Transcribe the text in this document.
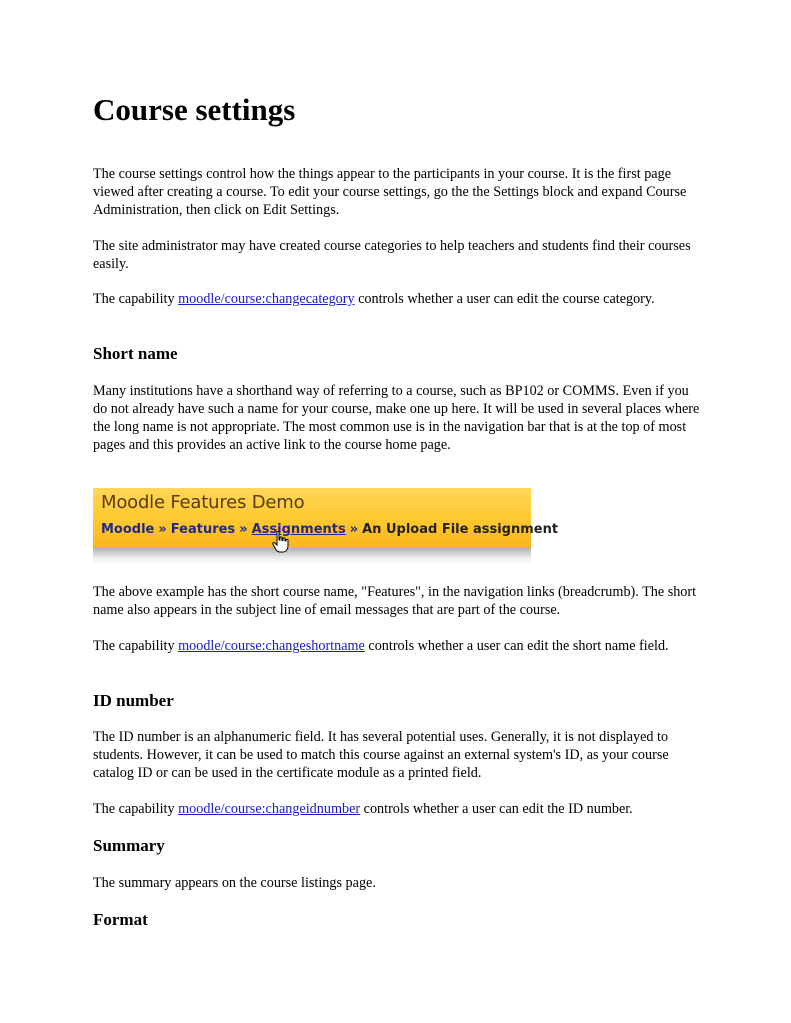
Course settings

The course settings control how the things appear to the participants in your course. It is the first page viewed after creating a course. To edit your course settings, go the the Settings block and expand Course Administration, then click on Edit Settings.

The site administrator may have created course categories to help teachers and students find their courses easily.

The capability moodle/course:changecategory controls whether a user can edit the course category.

Short name

Many institutions have a shorthand way of referring to a course, such as BP102 or COMMS. Even if you do not already have such a name for your course, make one up here. It will be used in several places where the long name is not appropriate. The most common use is in the navigation bar that is at the top of most pages and this provides an active link to the course home page.

Moodle Features Demo
Moodle » Features » Assignments » An Upload File assignment

The above example has the short course name, "Features", in the navigation links (breadcrumb). The short name also appears in the subject line of email messages that are part of the course.

The capability moodle/course:changeshortname controls whether a user can edit the short name field.

ID number

The ID number is an alphanumeric field. It has several potential uses. Generally, it is not displayed to students. However, it can be used to match this course against an external system's ID, as your course catalog ID or can be used in the certificate module as a printed field.

The capability moodle/course:changeidnumber controls whether a user can edit the ID number.

Summary

The summary appears on the course listings page.

Format
